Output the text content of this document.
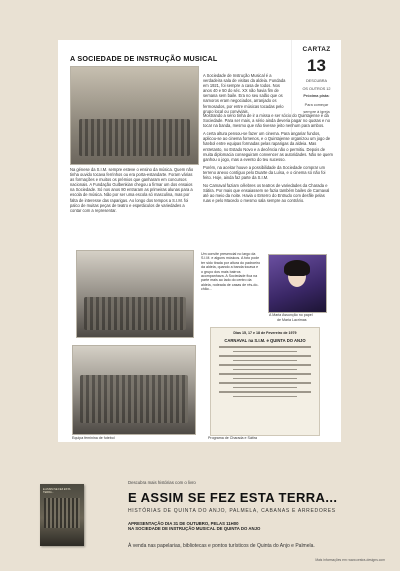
A SOCIEDADE DE INSTRUÇÃO MUSICAL
CARTAZ
13
DESCUBRA
OS OUTROS 12
Próxima pista:
Para começar
sempre à igreja

Na génese da S.I.M. sempre esteve o ensino da música. Quem não tinha ouvido tocava ferrinhos ou era porta-estandarte. Foram várias as formações e muitos os prémios que ganharam em concursos nacionais. A Fundação Gulbenkian chegou a firmar um dos ensaios na Sociedade. Só nos anos 80 entraram as primeiras alunas para a escola de música. Não por ser uma escola só masculina, mas por falta de interesse das raparigas. Ao longo dos tempos a S.I.M. foi palco de muitas peças de teatro e espetáculos de variedades a contar com a representar.

A Sociedade de Instrução Musical é a verdadeira sala de visitas da aldeia. Fundada em 1921, foi sempre a casa de todos. Nos anos 40 e 50 do séc. XX não havia fim de semana sem baile. Era no seu salão que os namoros eram negociados, arranjado os fermosados, por entre músicas tocadas pelo grupo local ou conviviais.

Mostrando a sério tinha de ir a missa e ser sócio do Quintajense e da Sociedade. Para ser mais, a sério ainda deveria pagar no quotas e no tocar na banda, mesmo que não tivesse jeito nenhum para ambos.

A certa altura pensou-se fazer um cinema. Para angariar fundos, aplicou-se ao cinema fornenos, e o Quintajense organizou um jogo de futebol entre equipas formadas pelas raparigas da aldeia. Mas entretanto, no Estado Novo e a decência não o permitiu. Depois de muita diplomacia conseguiram convencer as autoridades. Não se quem ganhou o jogo, mas a evento do teu sucesso.

Porém, na aceitar houve a possibilidade da Sociedade comprar um terreno anexo contíguo pelo Duarte da Luísa, e o cinema só não foi feito. Hoje, ainda faz parte da S.I.M.

No Carnaval faziam célebres os teatros de variedades da Charada e Sátira. Por mais que ensaiassem se fazia também bailes de Carnaval até ao meio da noite. Havia o Enterro do Entrudo com desfile pelas ruas e pelo Macedo o mesmo sala sempre ao contrário.

Um convite presencial no largo da S.I.M. e alguns músicos. A foto pode ter sido tirada por altura do padroeiro da aldeia, quando a banda tocava e o grupo dos mais bairros acompanhava. A Sociedade fica na parte mais ao lado do centro da aldeia, rodeada de casas de rés-do-chão...

A Maria Assunção no papel
de Maria Lacrimas
Dias 15, 17 e 18 de Fevereiro de 1979
CARNAVAL na S.I.M. e QUINTA DO ANJO
Equipa feminina de futebol	Programa de Charada e Sátira
E ASSIM SE FEZ ESTA TERRA...
Descubra mais histórias com o livro
E ASSIM SE FEZ ESTA TERRA...
HISTÓRIAS DE QUINTA DO ANJO, PALMELA, CABANAS E ARREDORES
APRESENTAÇÃO DIA 31 DE OUTUBRO, PELAS 11H00
NA SOCIEDADE DE INSTRUÇÃO MUSICAL DE QUINTA DO ANJO
À venda nas papelarias, bibliotecas e pontos turísticos de Quinta do Anjo e Palmela.
Mais informações em: www.cestra-designs.com
